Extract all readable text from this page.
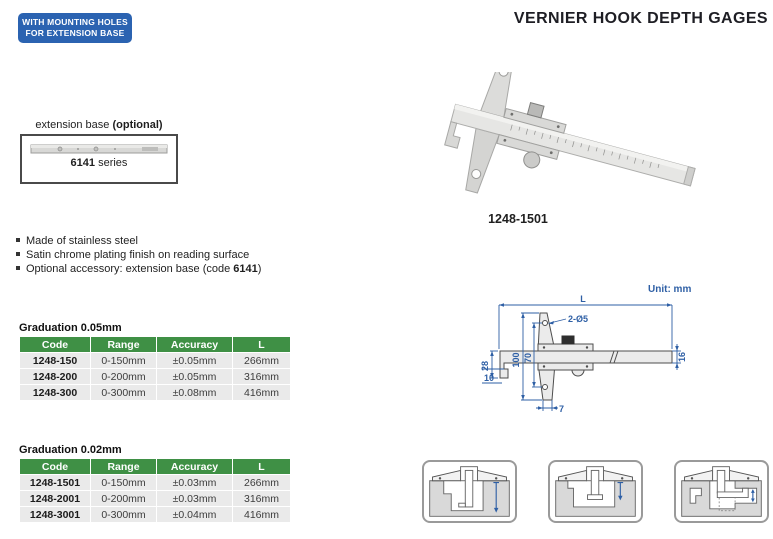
WITH MOUNTING HOLES
FOR EXTENSION BASE
VERNIER HOOK DEPTH GAGES
extension base (optional)
6141 series
1248-1501
Made of stainless steel
Satin chrome plating finish on reading surface
Optional accessory: extension base (code 6141)
Graduation 0.05mm
Code	Range	Accuracy	L
1248-150	0-150mm	±0.05mm	266mm
1248-200	0-200mm	±0.05mm	316mm
1248-300	0-300mm	±0.08mm	416mm
Graduation 0.02mm
Code	Range	Accuracy	L
1248-1501	0-150mm	±0.03mm	266mm
1248-2001	0-200mm	±0.03mm	316mm
1248-3001	0-300mm	±0.04mm	416mm
Unit: mm
L
2-Ø5
100 70
28
10
16
7
